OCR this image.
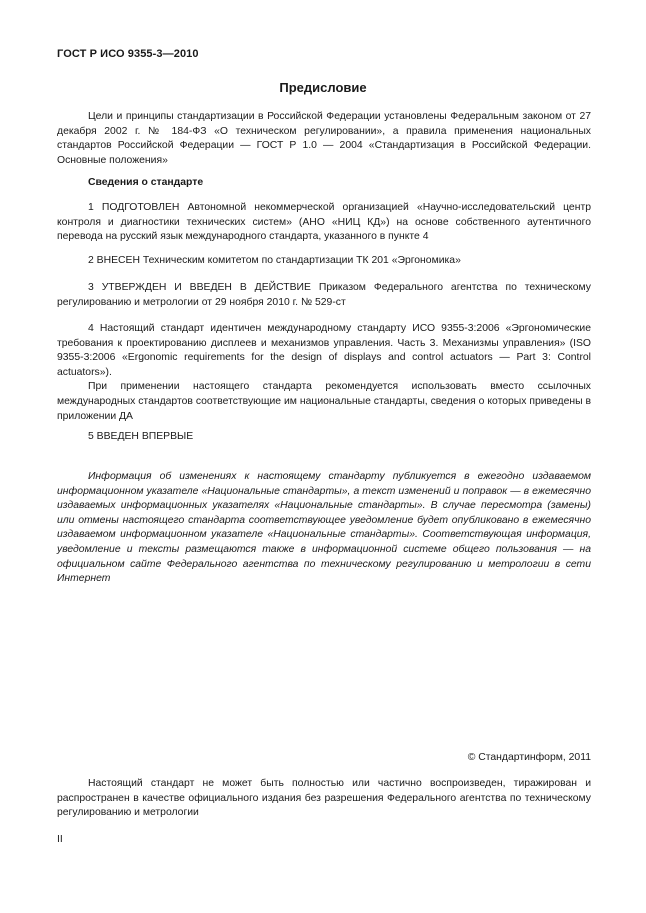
ГОСТ Р ИСО 9355-3—2010
Предисловие

Цели и принципы стандартизации в Российской Федерации установлены Федеральным законом от 27 декабря 2002 г. № 184-ФЗ «О техническом регулировании», а правила применения национальных стандартов Российской Федерации — ГОСТ Р 1.0 — 2004 «Стандартизация в Российской Федерации. Основные положения»

Сведения о стандарте

1 ПОДГОТОВЛЕН Автономной некоммерческой организацией «Научно-исследовательский центр контроля и диагностики технических систем» (АНО «НИЦ КД») на основе собственного аутентичного перевода на русский язык международного стандарта, указанного в пункте 4

2 ВНЕСЕН Техническим комитетом по стандартизации ТК 201 «Эргономика»

3 УТВЕРЖДЕН И ВВЕДЕН В ДЕЙСТВИЕ Приказом Федерального агентства по техническому регулированию и метрологии от 29 ноября 2010 г. № 529-ст

4 Настоящий стандарт идентичен международному стандарту ИСО 9355-3:2006 «Эргономические требования к проектированию дисплеев и механизмов управления. Часть 3. Механизмы управления» (ISO 9355-3:2006 «Ergonomic requirements for the design of displays and control actuators — Part 3: Control actuators»).

При применении настоящего стандарта рекомендуется использовать вместо ссылочных международных стандартов соответствующие им национальные стандарты, сведения о которых приведены в приложении ДА

5 ВВЕДЕН ВПЕРВЫЕ

Информация об изменениях к настоящему стандарту публикуется в ежегодно издаваемом информационном указателе «Национальные стандарты», а текст изменений и поправок — в ежемесячно издаваемых информационных указателях «Национальные стандарты». В случае пересмотра (замены) или отмены настоящего стандарта соответствующее уведомление будет опубликовано в ежемесячно издаваемом информационном указателе «Национальные стандарты». Соответствующая информация, уведомление и тексты размещаются также в информационной системе общего пользования — на официальном сайте Федерального агентства по техническому регулированию и метрологии в сети Интернет

© Стандартинформ, 2011

Настоящий стандарт не может быть полностью или частично воспроизведен, тиражирован и распространен в качестве официального издания без разрешения Федерального агентства по техническому регулированию и метрологии

II
